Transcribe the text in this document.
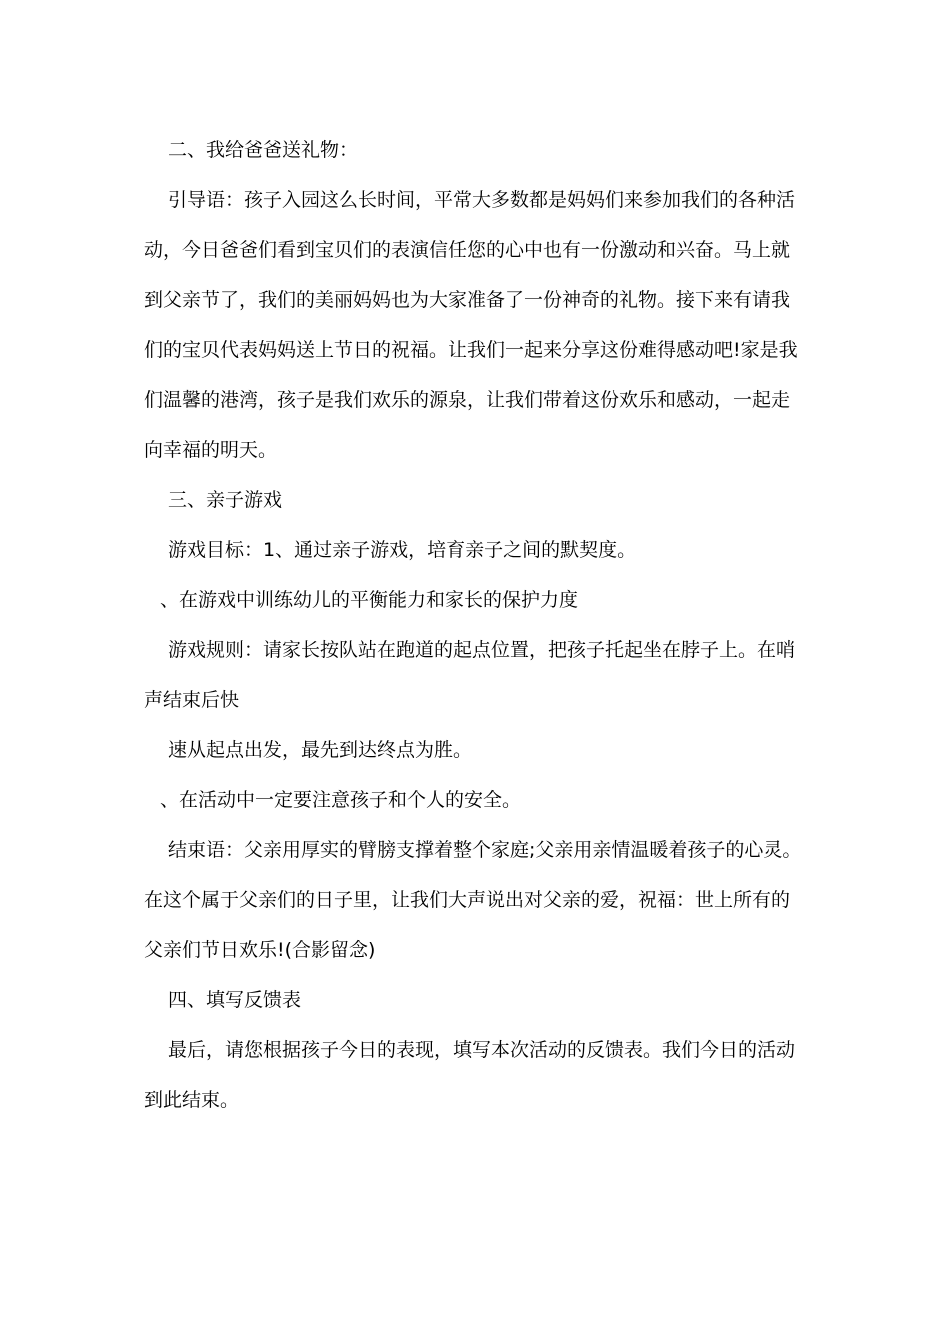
二、我给爸爸送礼物：

引导语：孩子入园这么长时间，平常大多数都是妈妈们来参加我们的各种活动，今日爸爸们看到宝贝们的表演信任您的心中也有一份激动和兴奋。马上就到父亲节了，我们的美丽妈妈也为大家准备了一份神奇的礼物。接下来有请我们的宝贝代表妈妈送上节日的祝福。让我们一起来分享这份难得感动吧!家是我们温馨的港湾，孩子是我们欢乐的源泉，让我们带着这份欢乐和感动，一起走向幸福的明天。

三、亲子游戏

游戏目标：1、通过亲子游戏，培育亲子之间的默契度。

、在游戏中训练幼儿的平衡能力和家长的保护力度

游戏规则：请家长按队站在跑道的起点位置，把孩子托起坐在脖子上。在哨声结束后快

速从起点出发，最先到达终点为胜。

、在活动中一定要注意孩子和个人的安全。

结束语：父亲用厚实的臂膀支撑着整个家庭;父亲用亲情温暖着孩子的心灵。在这个属于父亲们的日子里，让我们大声说出对父亲的爱，祝福：世上所有的父亲们节日欢乐!(合影留念)

四、填写反馈表

最后，请您根据孩子今日的表现，填写本次活动的反馈表。我们今日的活动到此结束。
